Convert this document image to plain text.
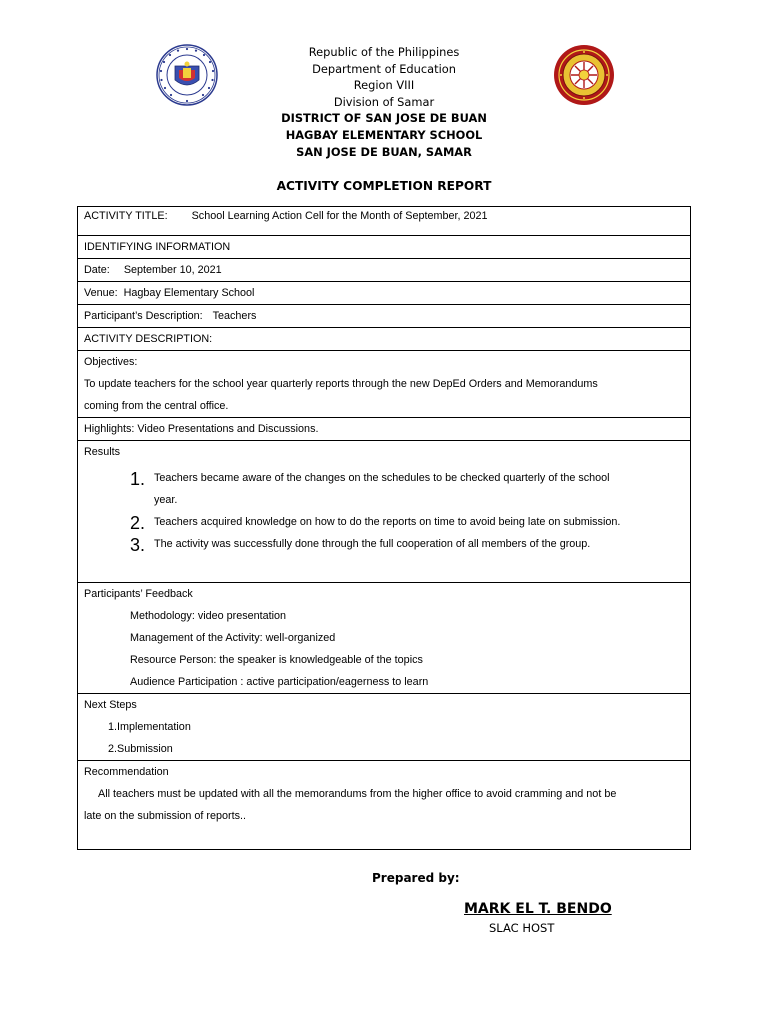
Republic of the Philippines
Department of Education
Region VIII
Division of Samar
DISTRICT OF SAN JOSE DE BUAN
HAGBAY ELEMENTARY SCHOOL
SAN JOSE DE BUAN, SAMAR
ACTIVITY COMPLETION REPORT
ACTIVITY TITLE: School Learning Action Cell for the Month of September, 2021
IDENTIFYING INFORMATION
Date: September 10, 2021
Venue: Hagbay Elementary School
Participant’s Description: Teachers
ACTIVITY DESCRIPTION:
Objectives:
To update teachers for the school year quarterly reports through the new DepEd Orders and Memorandums
coming from the central office.
Highlights: Video Presentations and Discussions.
Results
1. Teachers became aware of the changes on the schedules to be checked quarterly of the school
year.
2. Teachers acquired knowledge on how to do the reports on time to avoid being late on submission.
3. The activity was successfully done through the full cooperation of all members of the group.
Participants’ Feedback
Methodology: video presentation
Management of the Activity: well-organized
Resource Person: the speaker is knowledgeable of the topics
Audience Participation : active participation/eagerness to learn
Next Steps
1.Implementation
2.Submission
Recommendation
All teachers must be updated with all the memorandums from the higher office to avoid cramming and not be
late on the submission of reports..
Prepared by:
MARK EL T. BENDO
SLAC HOST
